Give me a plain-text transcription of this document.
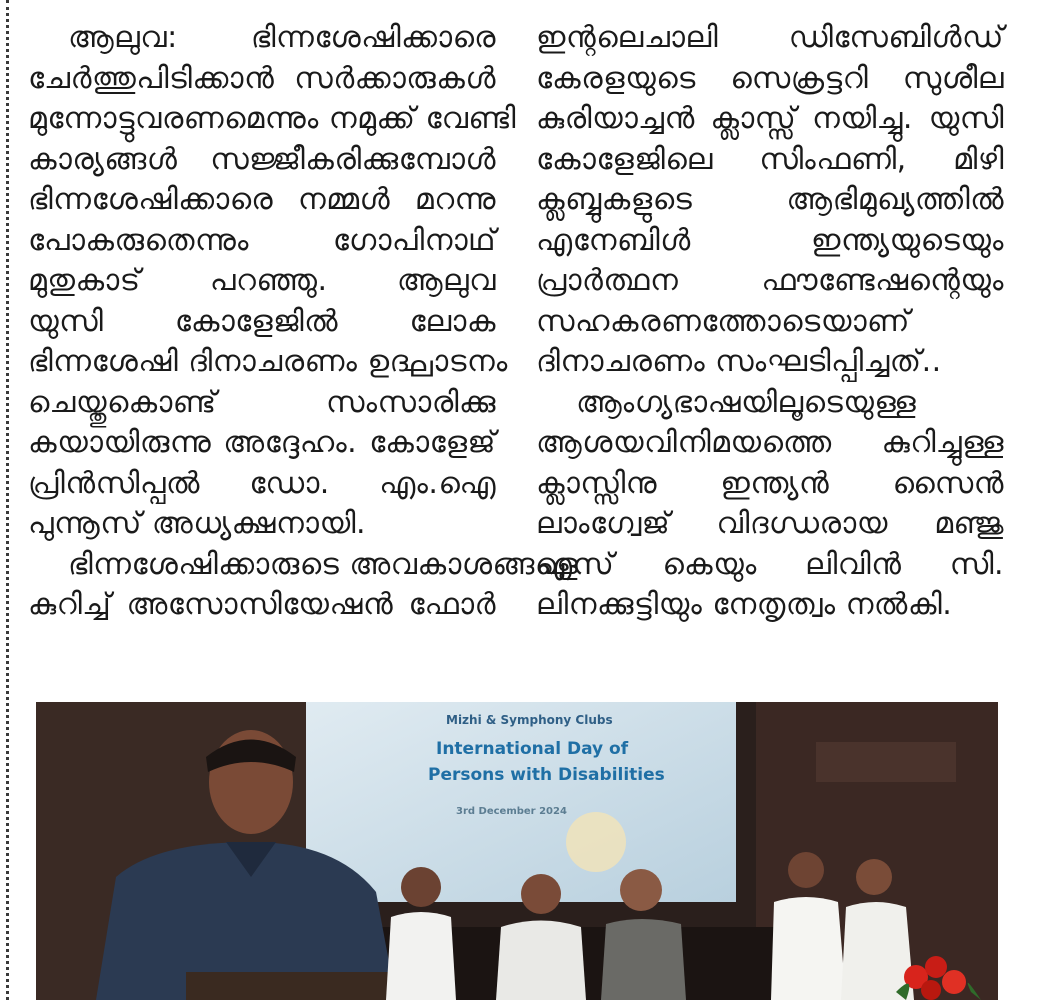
ആലുവ: ഭിന്നശേഷിക്കാരെ
ചേർത്തുപിടിക്കാൻ സർക്കാരുകൾ
മുന്നോട്ടുവരണമെന്നും നമുക്ക് വേണ്ടി
കാര്യങ്ങൾ സജ്ജീകരിക്കുമ്പോൾ
ഭിന്നശേഷിക്കാരെ നമ്മൾ മറന്നു
പോകരുതെന്നും ഗോപിനാഥ്
മുതുകാട് പറഞ്ഞു. ആലുവ
യുസി കോളേജിൽ ലോക
ഭിന്നശേഷി ദിനാചരണം ഉദ്ഘാടനം
ചെയ്തുകൊണ്ട് സംസാരിക്കു
കയായിരുന്നു അദ്ദേഹം. കോളേജ്
പ്രിൻസിപ്പൽ ഡോ. എം.ഐ
പുന്നൂസ് അധ്യക്ഷനായി.
ഭിന്നശേഷിക്കാരുടെ അവകാശങ്ങളെ
കുറിച്ച് അസോസിയേഷൻ ഫോർ
ഇന്റലെചാലി ഡിസേബിൾഡ്
കേരളയുടെ സെക്രട്ടറി സുശീല
കുരിയാച്ചൻ ക്ലാസ്സ് നയിച്ചു. യുസി
കോളേജിലെ സിംഫണി, മിഴി
ക്ലബ്ബുകളുടെ ആഭിമുഖ്യത്തിൽ
എനേബിൾ ഇന്ത്യയുടെയും
പ്രാർത്ഥന ഫൗണ്ടേഷന്റെയും
സഹകരണത്തോടെയാണ്
ദിനാചരണം സംഘടിപ്പിച്ചത്..
ആംഗ്യഭാഷയിലൂടെയുള്ള
ആശയവിനിമയത്തെ കുറിച്ചുള്ള
ക്ലാസ്സിനു ഇന്ത്യൻ സൈൻ
ലാംഗ്വേജ് വിദഗ്ധരായ മഞ്ജു
എസ് കെയും ലിവിൻ സി.
ലിനക്കുട്ടിയും നേതൃത്വം നൽകി.
Mizhi & Symphony Clubs
International Day of
Persons with Disabilities
3rd December 2024
